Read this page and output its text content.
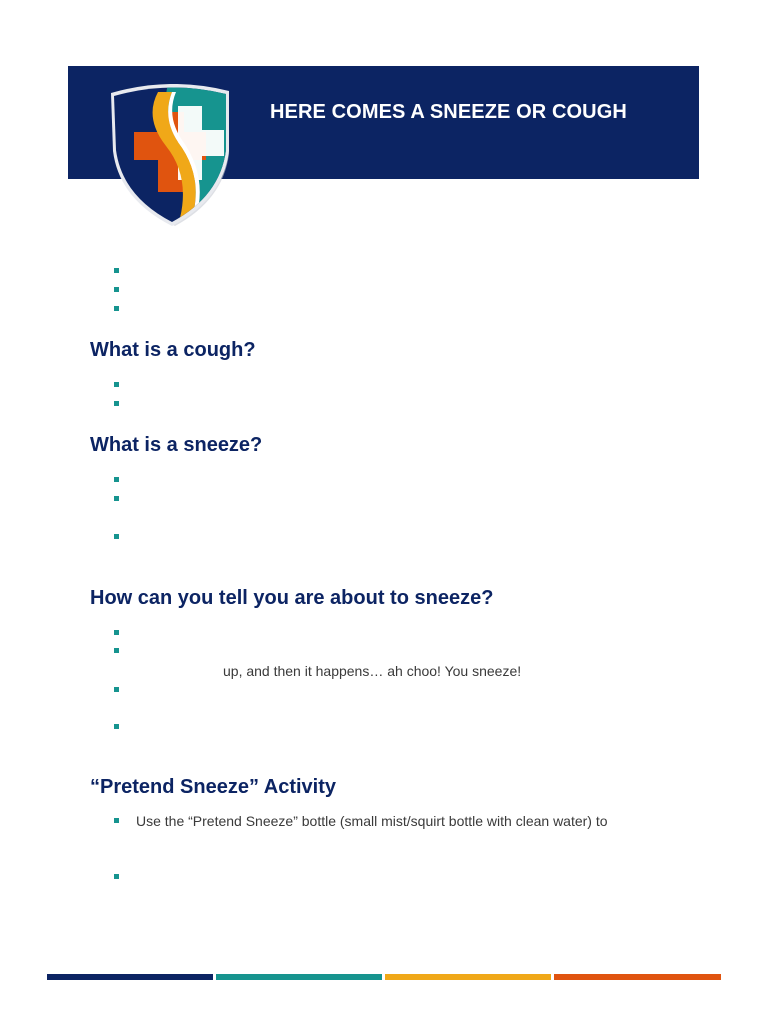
HERE COMES A SNEEZE OR COUGH
What is a cough?
What is a sneeze?
How can you tell you are about to sneeze?
up, and then it happens… ah choo! You sneeze!
“Pretend Sneeze” Activity
Use the “Pretend Sneeze” bottle (small mist/squirt bottle with clean water) to
